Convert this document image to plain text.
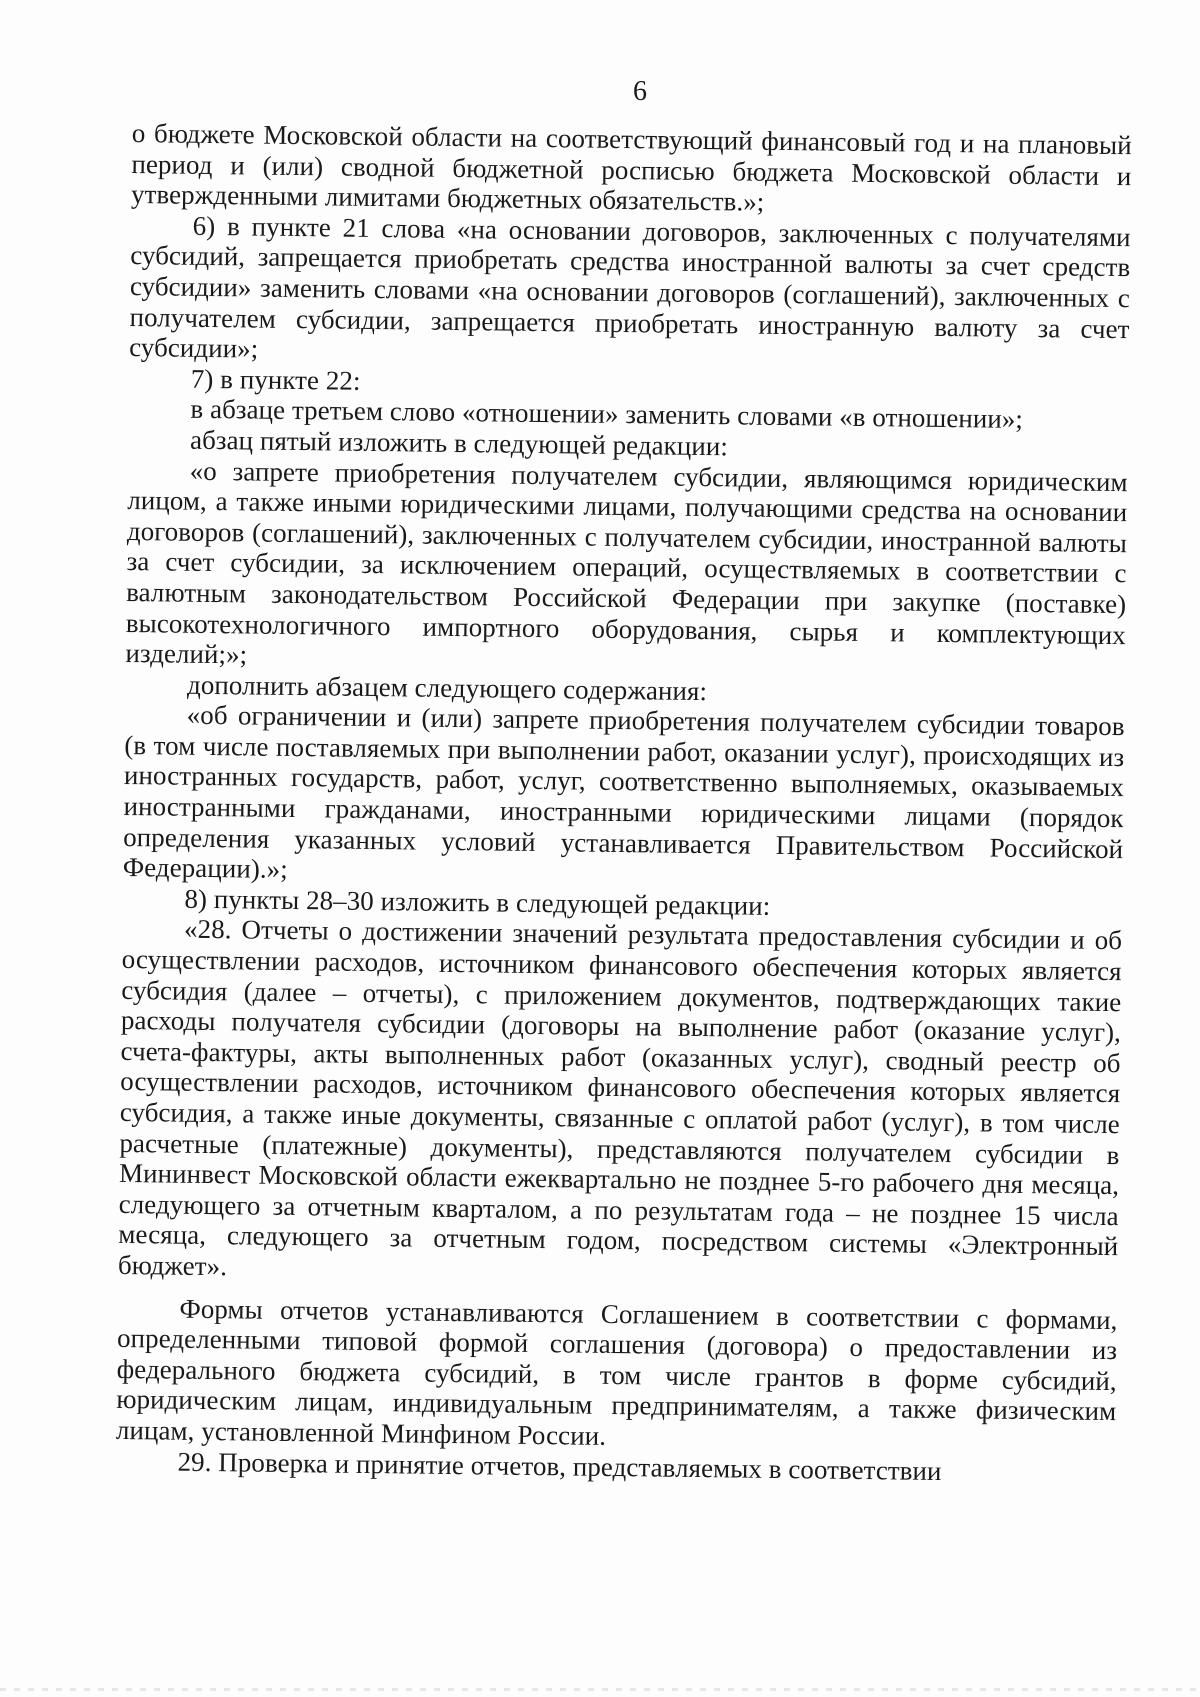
6

о бюджете Московской области на соответствующий финансовый год и на плановый период и (или) сводной бюджетной росписью бюджета Московской области и утвержденными лимитами бюджетных обязательств.»;

6) в пункте 21 слова «на основании договоров, заключенных с получателями субсидий, запрещается приобретать средства иностранной валюты за счет средств субсидии» заменить словами «на основании договоров (соглашений), заключенных с получателем субсидии, запрещается приобретать иностранную валюту за счет субсидии»;

7) в пункте 22:

в абзаце третьем слово «отношении» заменить словами «в отношении»;

абзац пятый изложить в следующей редакции:

«о запрете приобретения получателем субсидии, являющимся юридическим лицом, а также иными юридическими лицами, получающими средства на основании договоров (соглашений), заключенных с получателем субсидии, иностранной валюты за счет субсидии, за исключением операций, осуществляемых в соответствии с валютным законодательством Российской Федерации при закупке (поставке) высокотехнологичного импортного оборудования, сырья и комплектующих изделий;»;

дополнить абзацем следующего содержания:

«об ограничении и (или) запрете приобретения получателем субсидии товаров (в том числе поставляемых при выполнении работ, оказании услуг), происходящих из иностранных государств, работ, услуг, соответственно выполняемых, оказываемых иностранными гражданами, иностранными юридическими лицами (порядок определения указанных условий устанавливается Правительством Российской Федерации).»;

8) пункты 28–30 изложить в следующей редакции:

«28. Отчеты о достижении значений результата предоставления субсидии и об осуществлении расходов, источником финансового обеспечения которых является субсидия (далее – отчеты), с приложением документов, подтверждающих такие расходы получателя субсидии (договоры на выполнение работ (оказание услуг), счета-фактуры, акты выполненных работ (оказанных услуг), сводный реестр об осуществлении расходов, источником финансового обеспечения которых является субсидия, а также иные документы, связанные с оплатой работ (услуг), в том числе расчетные (платежные) документы), представляются получателем субсидии в Мининвест Московской области ежеквартально не позднее 5-го рабочего дня месяца, следующего за отчетным кварталом, а по результатам года – не позднее 15 числа месяца, следующего за отчетным годом, посредством системы «Электронный бюджет».

Формы отчетов устанавливаются Соглашением в соответствии с формами, определенными типовой формой соглашения (договора) о предоставлении из федерального бюджета субсидий, в том числе грантов в форме субсидий, юридическим лицам, индивидуальным предпринимателям, а также физическим лицам, установленной Минфином России.

29. Проверка и принятие отчетов, представляемых в соответствии
